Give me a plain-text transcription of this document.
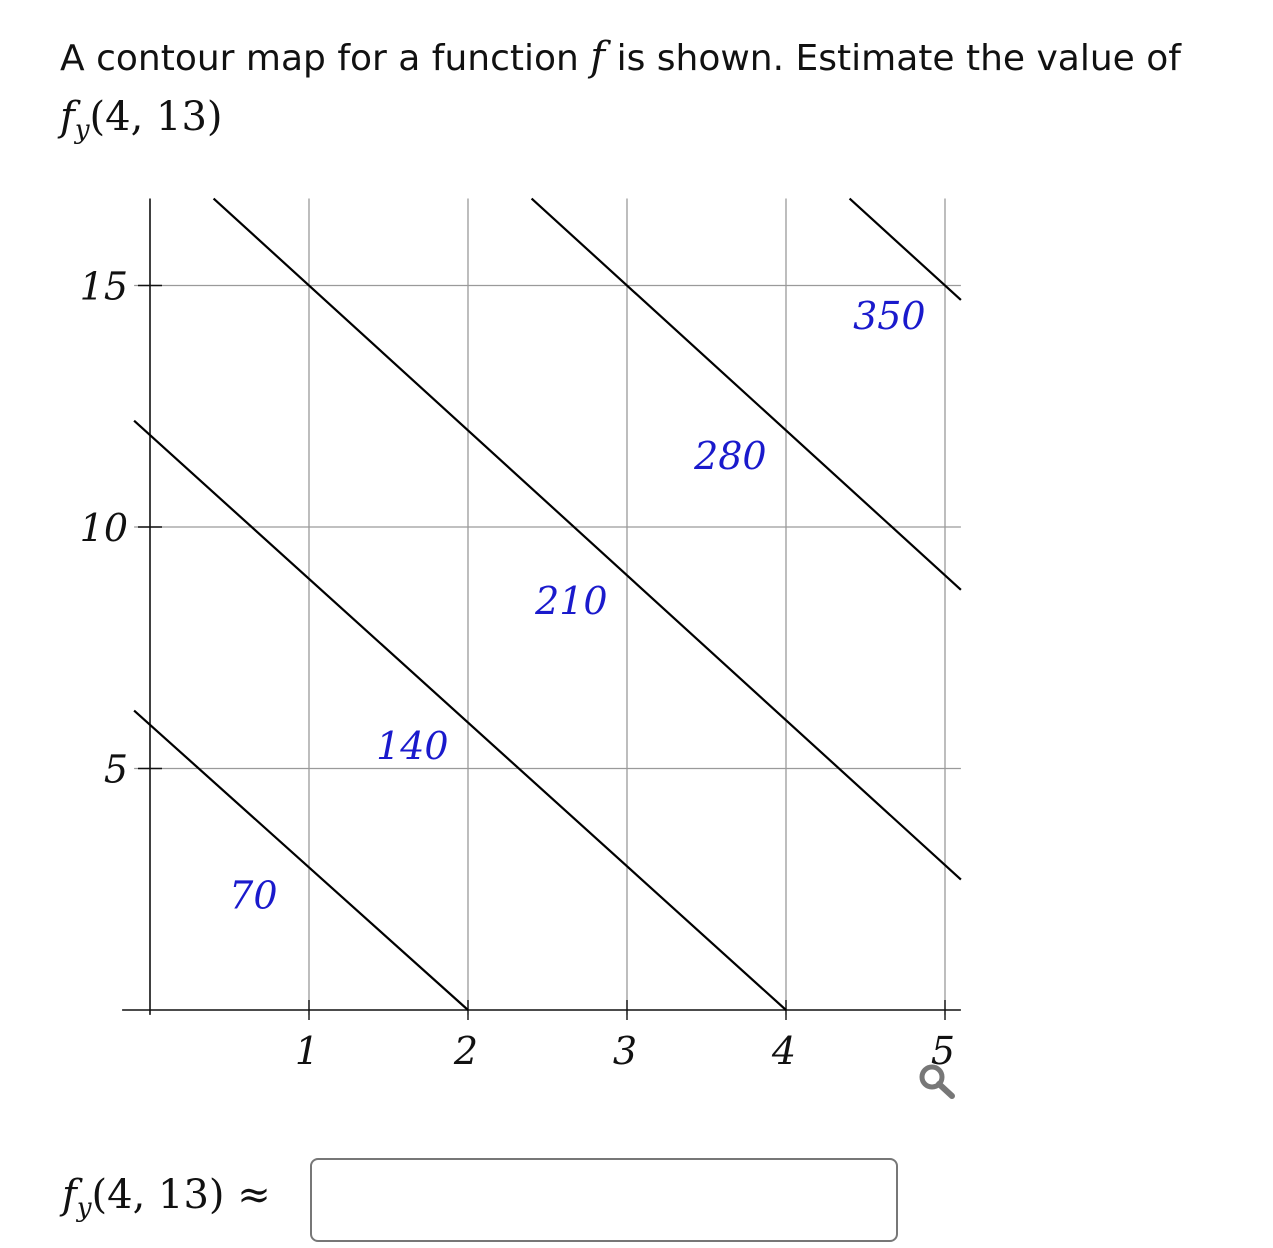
A contour map for a function f is shown. Estimate the value of $f_y(4$, 13)
70
140
210
280
350
1	2	3	4	5
5
10
15
$f_y(4$, 13) ≈
